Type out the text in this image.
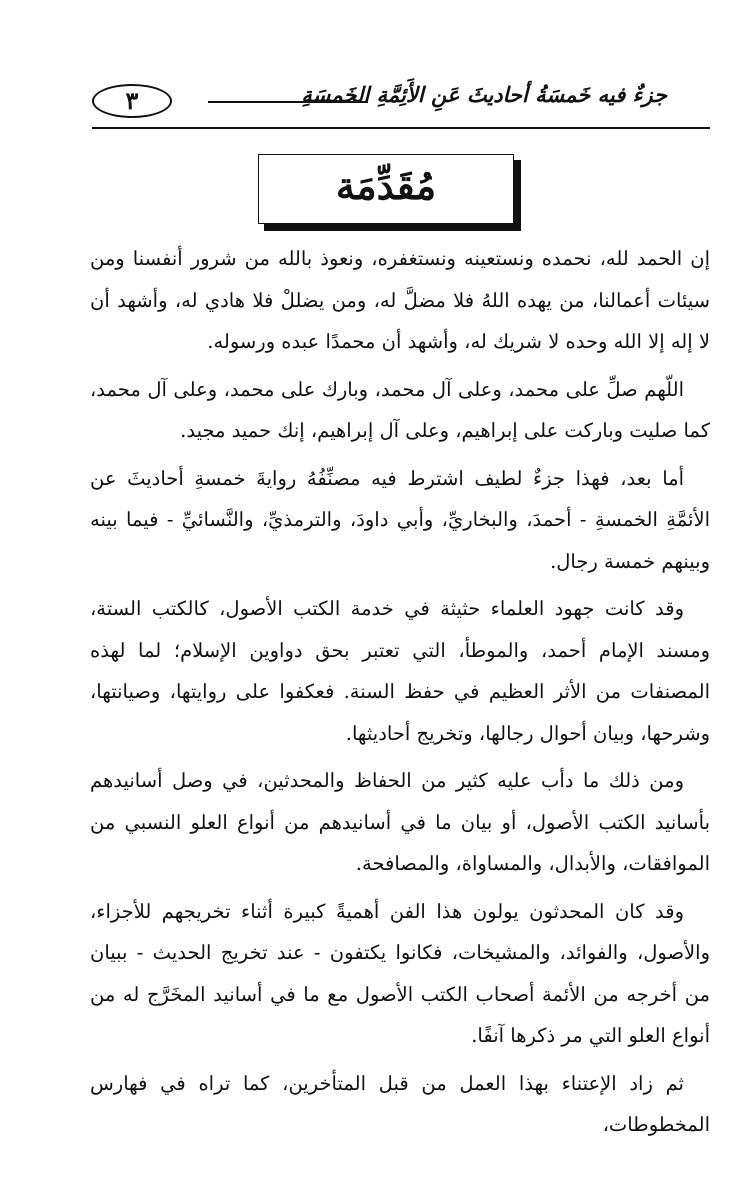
جزءٌ فيه خَمسَةُ أحاديثَ عَنِ الأَئِمَّةِ الخَمسَةِ
٣
مُقَدِّمَة

إن الحمد لله، نحمده ونستعينه ونستغفره، ونعوذ بالله من شرور أنفسنا ومن سيئات أعمالنا، من يهده اللهُ فلا مضلَّ له، ومن يضللْ فلا هادي له، وأشهد أن لا إله إلا الله وحده لا شريك له، وأشهد أن محمدًا عبده ورسوله.

اللّهم صلِّ على محمد، وعلى آل محمد، وبارك على محمد، وعلى آل محمد، كما صليت وباركت على إبراهيم، وعلى آل إبراهيم، إنك حميد مجيد.

أما بعد، فهذا جزءٌ لطيف اشترط فيه مصنِّفُهُ روايةَ خمسةِ أحاديثَ عن الأئمَّةِ الخمسةِ - أحمدَ، والبخاريِّ، وأبي داودَ، والترمذيِّ، والنَّسائيِّ - فيما بينه وبينهم خمسة رجال.

وقد كانت جهود العلماء حثيثة في خدمة الكتب الأصول، كالكتب الستة، ومسند الإمام أحمد، والموطأ، التي تعتبر بحق دواوين الإسلام؛ لما لهذه المصنفات من الأثر العظيم في حفظ السنة. فعكفوا على روايتها، وصيانتها، وشرحها، وبيان أحوال رجالها، وتخريج أحاديثها.

ومن ذلك ما دأب عليه كثير من الحفاظ والمحدثين، في وصل أسانيدهم بأسانيد الكتب الأصول، أو بيان ما في أسانيدهم من أنواع العلو النسبي من الموافقات، والأبدال، والمساواة، والمصافحة.

وقد كان المحدثون يولون هذا الفن أهميةً كبيرة أثناء تخريجهم للأجزاء، والأصول، والفوائد، والمشيخات، فكانوا يكتفون - عند تخريج الحديث - ببيان من أخرجه من الأئمة أصحاب الكتب الأصول مع ما في أسانيد المخَرَّج له من أنواع العلو التي مر ذكرها آنفًا.

ثم زاد الإعتناء بهذا العمل من قبل المتأخرين، كما تراه في فهارس المخطوطات،
